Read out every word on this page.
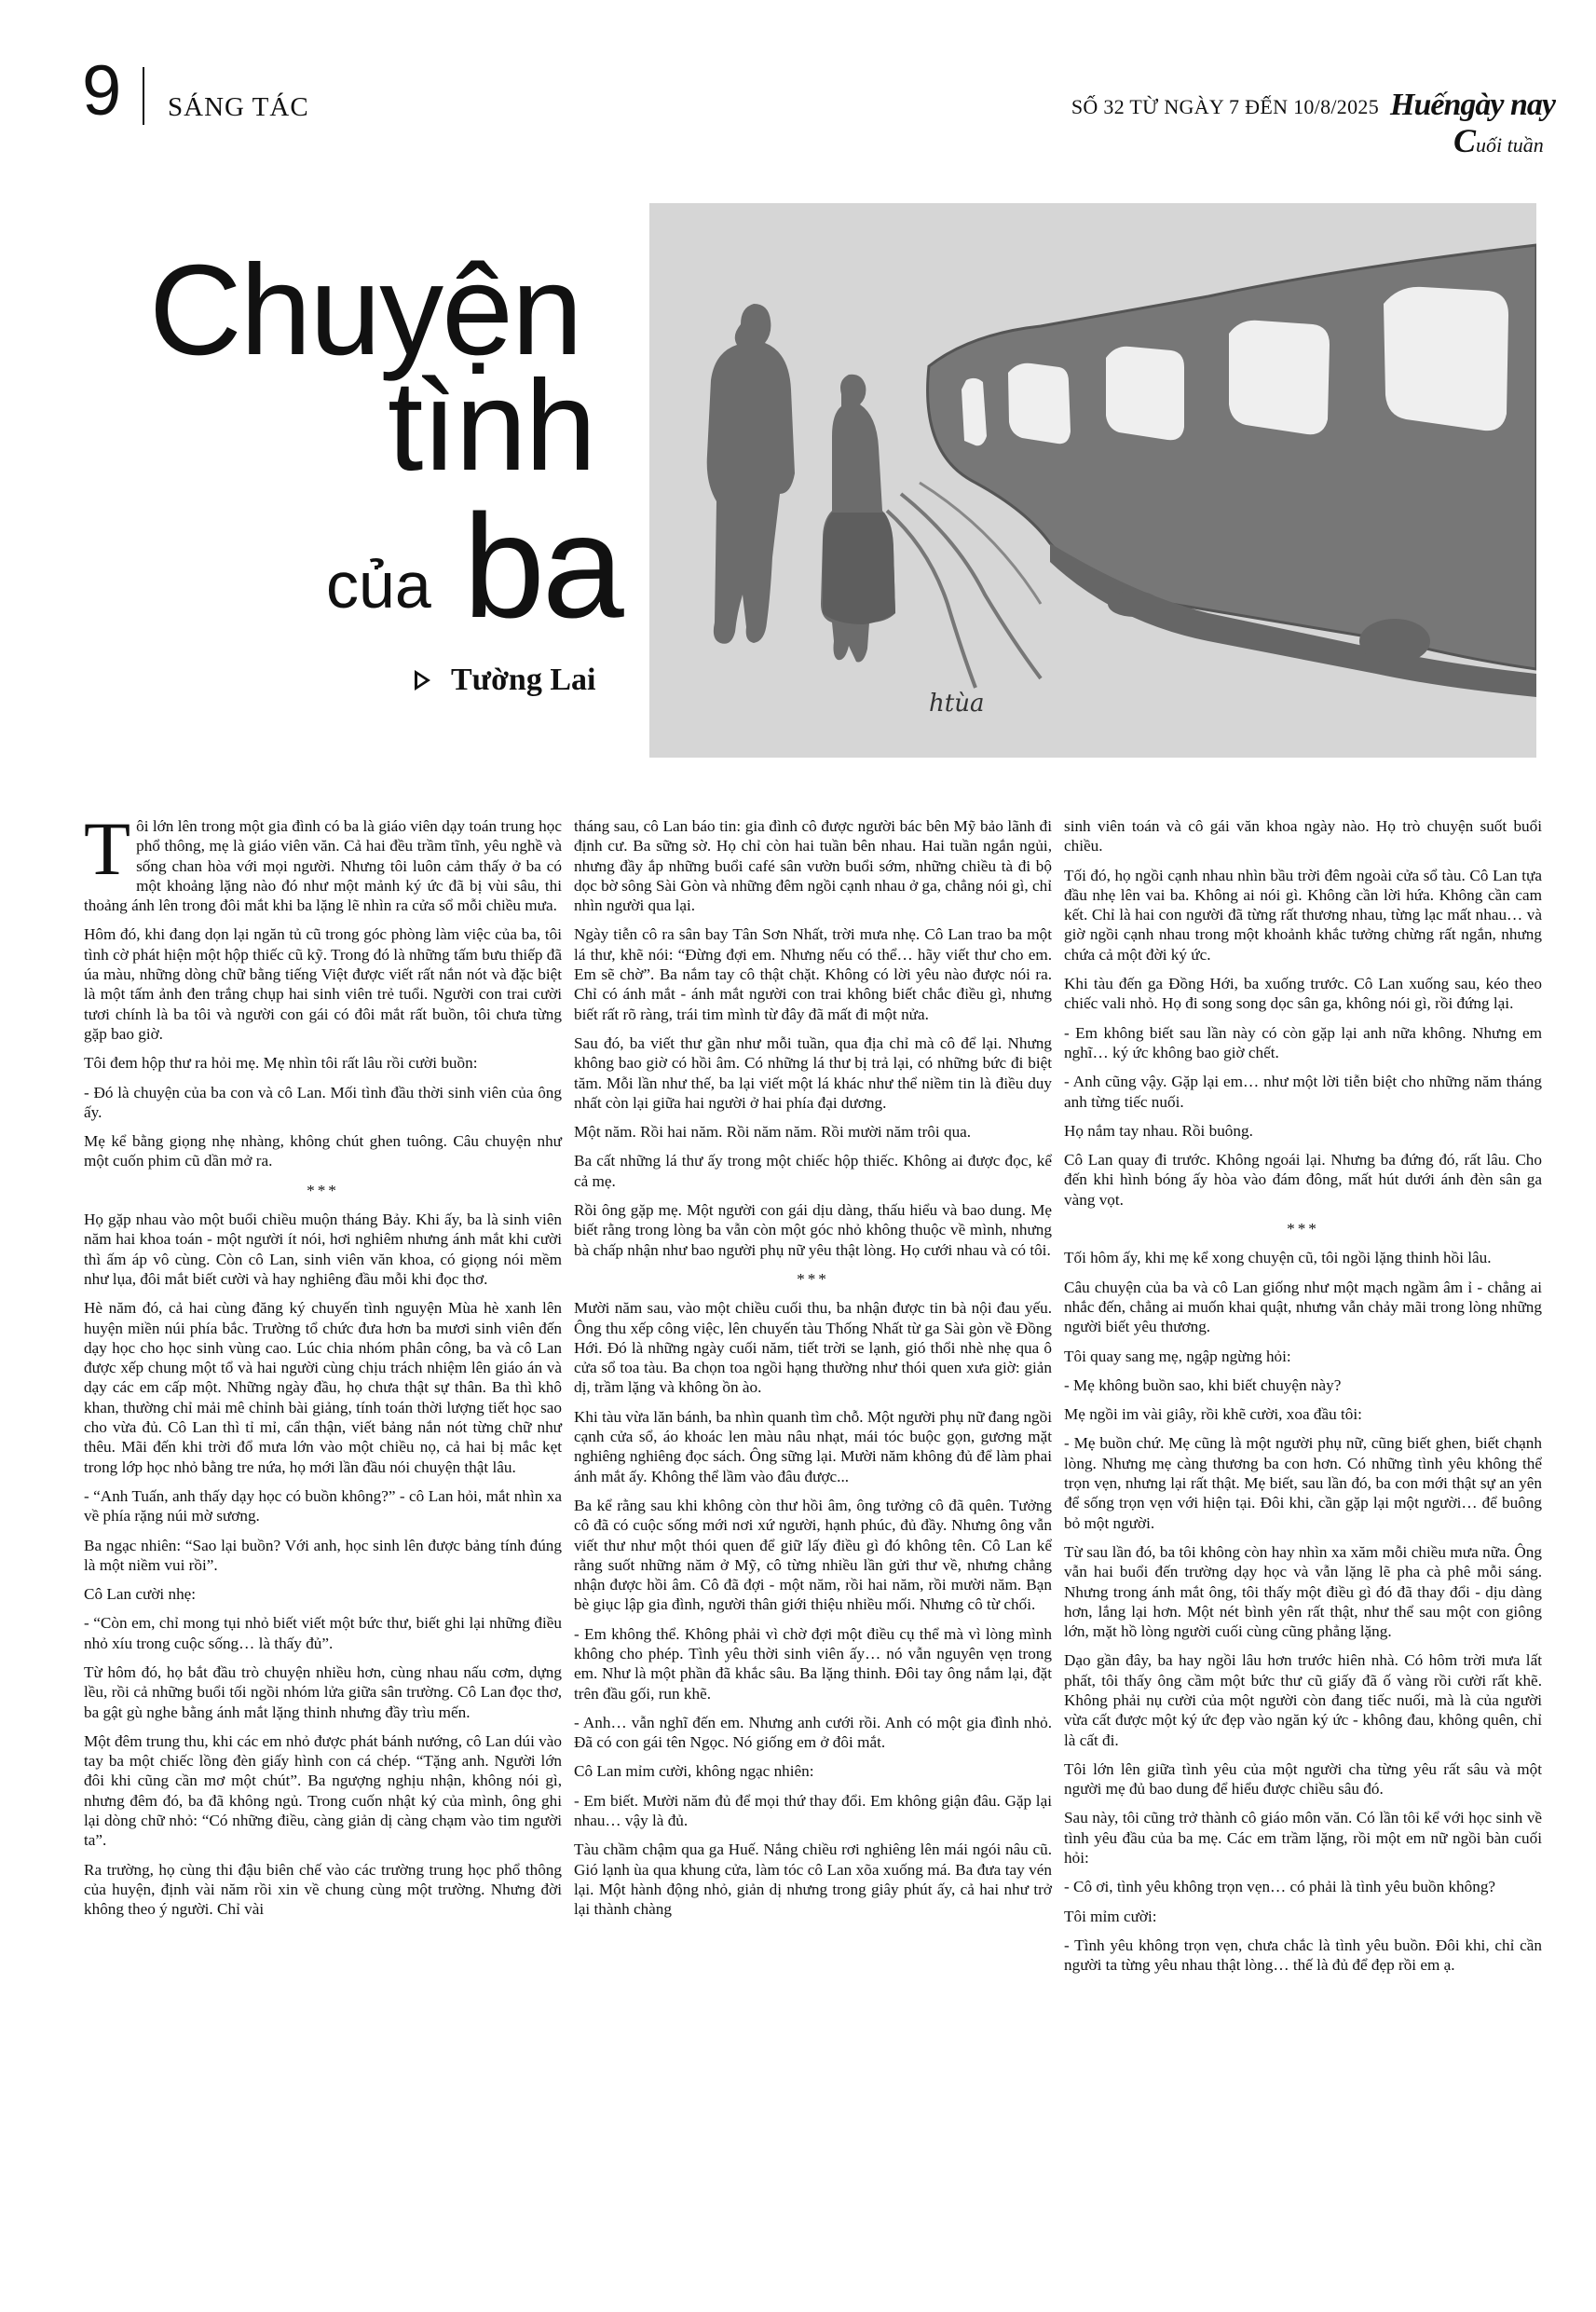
9 SÁNG TÁC	SỐ 32 TỪ NGÀY 7 ĐẾN 10/8/2025 Huếngày nay
Cuối tuần
Chuyện
tình
của ba
Tường Lai
htùa

Tôi lớn lên trong một gia đình có ba là giáo viên dạy toán trung học phổ thông, mẹ là giáo viên văn. Cả hai đều trầm tĩnh, yêu nghề và sống chan hòa với mọi người. Nhưng tôi luôn cảm thấy ở ba có một khoảng lặng nào đó như một mảnh ký ức đã bị vùi sâu, thi thoảng ánh lên trong đôi mắt khi ba lặng lẽ nhìn ra cửa sổ mỗi chiều mưa.

Hôm đó, khi đang dọn lại ngăn tủ cũ trong góc phòng làm việc của ba, tôi tình cờ phát hiện một hộp thiếc cũ kỹ. Trong đó là những tấm bưu thiếp đã úa màu, những dòng chữ bằng tiếng Việt được viết rất nắn nót và đặc biệt là một tấm ảnh đen trắng chụp hai sinh viên trẻ tuổi. Người con trai cười tươi chính là ba tôi và người con gái có đôi mắt rất buồn, tôi chưa từng gặp bao giờ.

Tôi đem hộp thư ra hỏi mẹ. Mẹ nhìn tôi rất lâu rồi cười buồn:

- Đó là chuyện của ba con và cô Lan. Mối tình đầu thời sinh viên của ông ấy.

Mẹ kể bằng giọng nhẹ nhàng, không chút ghen tuông. Câu chuyện như một cuốn phim cũ dần mở ra.

***

Họ gặp nhau vào một buổi chiều muộn tháng Bảy. Khi ấy, ba là sinh viên năm hai khoa toán - một người ít nói, hơi nghiêm nhưng ánh mắt khi cười thì ấm áp vô cùng. Còn cô Lan, sinh viên văn khoa, có giọng nói mềm như lụa, đôi mắt biết cười và hay nghiêng đầu mỗi khi đọc thơ.

Hè năm đó, cả hai cùng đăng ký chuyến tình nguyện Mùa hè xanh lên huyện miền núi phía bắc. Trường tổ chức đưa hơn ba mươi sinh viên đến dạy học cho học sinh vùng cao. Lúc chia nhóm phân công, ba và cô Lan được xếp chung một tổ và hai người cùng chịu trách nhiệm lên giáo án và dạy các em cấp một. Những ngày đầu, họ chưa thật sự thân. Ba thì khô khan, thường chỉ mải mê chỉnh bài giảng, tính toán thời lượng tiết học sao cho vừa đủ. Cô Lan thì tỉ mỉ, cẩn thận, viết bảng nắn nót từng chữ như thêu. Mãi đến khi trời đổ mưa lớn vào một chiều nọ, cả hai bị mắc kẹt trong lớp học nhỏ bằng tre nứa, họ mới lần đầu nói chuyện thật lâu.

- “Anh Tuấn, anh thấy dạy học có buồn không?” - cô Lan hỏi, mắt nhìn xa về phía rặng núi mờ sương.

Ba ngạc nhiên: “Sao lại buồn? Với anh, học sinh lên được bảng tính đúng là một niềm vui rồi”.

Cô Lan cười nhẹ:

- “Còn em, chỉ mong tụi nhỏ biết viết một bức thư, biết ghi lại những điều nhỏ xíu trong cuộc sống… là thấy đủ”.

Từ hôm đó, họ bắt đầu trò chuyện nhiều hơn, cùng nhau nấu cơm, dựng lều, rồi cả những buổi tối ngồi nhóm lửa giữa sân trường. Cô Lan đọc thơ, ba gật gù nghe bằng ánh mắt lặng thinh nhưng đầy trìu mến.

Một đêm trung thu, khi các em nhỏ được phát bánh nướng, cô Lan dúi vào tay ba một chiếc lồng đèn giấy hình con cá chép. “Tặng anh. Người lớn đôi khi cũng cần mơ một chút”. Ba ngượng nghịu nhận, không nói gì, nhưng đêm đó, ba đã không ngủ. Trong cuốn nhật ký của mình, ông ghi lại dòng chữ nhỏ: “Có những điều, càng giản dị càng chạm vào tim người ta”.

Ra trường, họ cùng thi đậu biên chế vào các trường trung học phổ thông của huyện, định vài năm rồi xin về chung cùng một trường. Nhưng đời không theo ý người. Chỉ vài

tháng sau, cô Lan báo tin: gia đình cô được người bác bên Mỹ bảo lãnh đi định cư. Ba sững sờ. Họ chỉ còn hai tuần bên nhau. Hai tuần ngắn ngủi, nhưng đầy ắp những buổi café sân vườn buổi sớm, những chiều tà đi bộ dọc bờ sông Sài Gòn và những đêm ngồi cạnh nhau ở ga, chẳng nói gì, chỉ nhìn người qua lại.

Ngày tiễn cô ra sân bay Tân Sơn Nhất, trời mưa nhẹ. Cô Lan trao ba một lá thư, khẽ nói: “Đừng đợi em. Nhưng nếu có thể… hãy viết thư cho em. Em sẽ chờ”. Ba nắm tay cô thật chặt. Không có lời yêu nào được nói ra. Chỉ có ánh mắt - ánh mắt người con trai không biết chắc điều gì, nhưng biết rất rõ ràng, trái tim mình từ đây đã mất đi một nửa.

Sau đó, ba viết thư gần như mỗi tuần, qua địa chỉ mà cô để lại. Nhưng không bao giờ có hồi âm. Có những lá thư bị trả lại, có những bức đi biệt tăm. Mỗi lần như thế, ba lại viết một lá khác như thể niềm tin là điều duy nhất còn lại giữa hai người ở hai phía đại dương.

Một năm. Rồi hai năm. Rồi năm năm. Rồi mười năm trôi qua.

Ba cất những lá thư ấy trong một chiếc hộp thiếc. Không ai được đọc, kể cả mẹ.

Rồi ông gặp mẹ. Một người con gái dịu dàng, thấu hiểu và bao dung. Mẹ biết rằng trong lòng ba vẫn còn một góc nhỏ không thuộc về mình, nhưng bà chấp nhận như bao người phụ nữ yêu thật lòng. Họ cưới nhau và có tôi.

***

Mười năm sau, vào một chiều cuối thu, ba nhận được tin bà nội đau yếu. Ông thu xếp công việc, lên chuyến tàu Thống Nhất từ ga Sài gòn về Đồng Hới. Đó là những ngày cuối năm, tiết trời se lạnh, gió thổi nhè nhẹ qua ô cửa sổ toa tàu. Ba chọn toa ngồi hạng thường như thói quen xưa giờ: giản dị, trầm lặng và không ồn ào.

Khi tàu vừa lăn bánh, ba nhìn quanh tìm chỗ. Một người phụ nữ đang ngồi cạnh cửa sổ, áo khoác len màu nâu nhạt, mái tóc buộc gọn, gương mặt nghiêng nghiêng đọc sách. Ông sững lại. Mười năm không đủ để làm phai ánh mắt ấy. Không thể lầm vào đâu được...

Ba kể rằng sau khi không còn thư hồi âm, ông tưởng cô đã quên. Tưởng cô đã có cuộc sống mới nơi xứ người, hạnh phúc, đủ đầy. Nhưng ông vẫn viết thư như một thói quen để giữ lấy điều gì đó không tên. Cô Lan kể rằng suốt những năm ở Mỹ, cô từng nhiều lần gửi thư về, nhưng chẳng nhận được hồi âm. Cô đã đợi - một năm, rồi hai năm, rồi mười năm. Bạn bè giục lập gia đình, người thân giới thiệu nhiều mối. Nhưng cô từ chối.

- Em không thể. Không phải vì chờ đợi một điều cụ thể mà vì lòng mình không cho phép. Tình yêu thời sinh viên ấy… nó vẫn nguyên vẹn trong em. Như là một phần đã khắc sâu. Ba lặng thinh. Đôi tay ông nắm lại, đặt trên đầu gối, run khẽ.

- Anh… vẫn nghĩ đến em. Nhưng anh cưới rồi. Anh có một gia đình nhỏ. Đã có con gái tên Ngọc. Nó giống em ở đôi mắt.

Cô Lan mỉm cười, không ngạc nhiên:

- Em biết. Mười năm đủ để mọi thứ thay đổi. Em không giận đâu. Gặp lại nhau… vậy là đủ.

Tàu chầm chậm qua ga Huế. Nắng chiều rơi nghiêng lên mái ngói nâu cũ. Gió lạnh ùa qua khung cửa, làm tóc cô Lan xõa xuống má. Ba đưa tay vén lại. Một hành động nhỏ, giản dị nhưng trong giây phút ấy, cả hai như trở lại thành chàng

sinh viên toán và cô gái văn khoa ngày nào. Họ trò chuyện suốt buổi chiều.

Tối đó, họ ngồi cạnh nhau nhìn bầu trời đêm ngoài cửa sổ tàu. Cô Lan tựa đầu nhẹ lên vai ba. Không ai nói gì. Không cần lời hứa. Không cần cam kết. Chỉ là hai con người đã từng rất thương nhau, từng lạc mất nhau… và giờ ngồi cạnh nhau trong một khoảnh khắc tưởng chừng rất ngắn, nhưng chứa cả một đời ký ức.

Khi tàu đến ga Đồng Hới, ba xuống trước. Cô Lan xuống sau, kéo theo chiếc vali nhỏ. Họ đi song song dọc sân ga, không nói gì, rồi đứng lại.

- Em không biết sau lần này có còn gặp lại anh nữa không. Nhưng em nghĩ… ký ức không bao giờ chết.

- Anh cũng vậy. Gặp lại em… như một lời tiễn biệt cho những năm tháng anh từng tiếc nuối.

Họ nắm tay nhau. Rồi buông.

Cô Lan quay đi trước. Không ngoái lại. Nhưng ba đứng đó, rất lâu. Cho đến khi hình bóng ấy hòa vào đám đông, mất hút dưới ánh đèn sân ga vàng vọt.

***

Tối hôm ấy, khi mẹ kể xong chuyện cũ, tôi ngồi lặng thinh hồi lâu.

Câu chuyện của ba và cô Lan giống như một mạch ngầm âm ỉ - chẳng ai nhắc đến, chẳng ai muốn khai quật, nhưng vẫn chảy mãi trong lòng những người biết yêu thương.

Tôi quay sang mẹ, ngập ngừng hỏi:

- Mẹ không buồn sao, khi biết chuyện này?

Mẹ ngồi im vài giây, rồi khẽ cười, xoa đầu tôi:

- Mẹ buồn chứ. Mẹ cũng là một người phụ nữ, cũng biết ghen, biết chạnh lòng. Nhưng mẹ càng thương ba con hơn. Có những tình yêu không thể trọn vẹn, nhưng lại rất thật. Mẹ biết, sau lần đó, ba con mới thật sự an yên để sống trọn vẹn với hiện tại. Đôi khi, cần gặp lại một người… để buông bỏ một người.

Từ sau lần đó, ba tôi không còn hay nhìn xa xăm mỗi chiều mưa nữa. Ông vẫn hai buổi đến trường dạy học và vẫn lặng lẽ pha cà phê mỗi sáng. Nhưng trong ánh mắt ông, tôi thấy một điều gì đó đã thay đổi - dịu dàng hơn, lắng lại hơn. Một nét bình yên rất thật, như thể sau một con giông lớn, mặt hồ lòng người cuối cùng cũng phẳng lặng.

Dạo gần đây, ba hay ngồi lâu hơn trước hiên nhà. Có hôm trời mưa lất phất, tôi thấy ông cầm một bức thư cũ giấy đã ố vàng rồi cười rất khẽ. Không phải nụ cười của một người còn đang tiếc nuối, mà là của người vừa cất được một ký ức đẹp vào ngăn ký ức - không đau, không quên, chỉ là cất đi.

Tôi lớn lên giữa tình yêu của một người cha từng yêu rất sâu và một người mẹ đủ bao dung để hiểu được chiều sâu đó.

Sau này, tôi cũng trở thành cô giáo môn văn. Có lần tôi kể với học sinh về tình yêu đầu của ba mẹ. Các em trầm lặng, rồi một em nữ ngồi bàn cuối hỏi:

- Cô ơi, tình yêu không trọn vẹn… có phải là tình yêu buồn không?

Tôi mỉm cười:

- Tình yêu không trọn vẹn, chưa chắc là tình yêu buồn. Đôi khi, chỉ cần người ta từng yêu nhau thật lòng… thế là đủ để đẹp rồi em ạ.
